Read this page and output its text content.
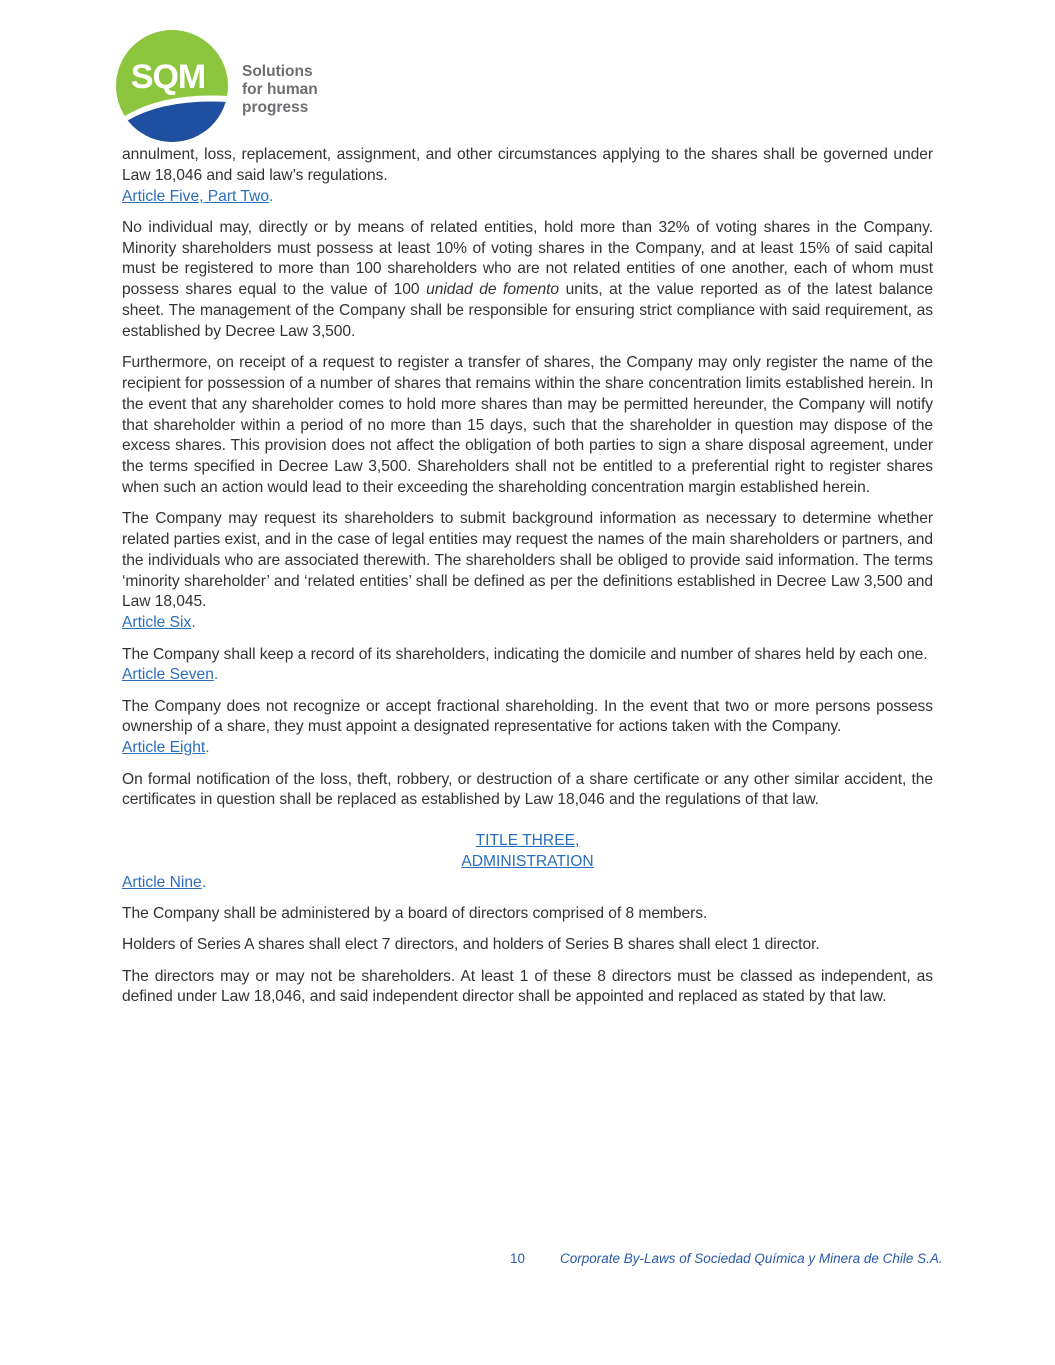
SQM Solutions
for human
progress

annulment, loss, replacement, assignment, and other circumstances applying to the shares shall be governed under Law 18,046 and said law’s regulations.

Article Five, Part Two.

No individual may, directly or by means of related entities, hold more than 32% of voting shares in the Company. Minority shareholders must possess at least 10% of voting shares in the Company, and at least 15% of said capital must be registered to more than 100 shareholders who are not related entities of one another, each of whom must possess shares equal to the value of 100 unidad de fomento units, at the value reported as of the latest balance sheet. The management of the Company shall be responsible for ensuring strict compliance with said requirement, as established by Decree Law 3,500.

Furthermore, on receipt of a request to register a transfer of shares, the Company may only register the name of the recipient for possession of a number of shares that remains within the share concentration limits established herein. In the event that any shareholder comes to hold more shares than may be permitted hereunder, the Company will notify that shareholder within a period of no more than 15 days, such that the shareholder in question may dispose of the excess shares. This provision does not affect the obligation of both parties to sign a share disposal agreement, under the terms specified in Decree Law 3,500. Shareholders shall not be entitled to a preferential right to register shares when such an action would lead to their exceeding the shareholding concentration margin established herein.

The Company may request its shareholders to submit background information as necessary to determine whether related parties exist, and in the case of legal entities may request the names of the main shareholders or partners, and the individuals who are associated therewith. The shareholders shall be obliged to provide said information. The terms ‘minority shareholder’ and ‘related entities’ shall be defined as per the definitions established in Decree Law 3,500 and Law 18,045.

Article Six.

The Company shall keep a record of its shareholders, indicating the domicile and number of shares held by each one.

Article Seven.

The Company does not recognize or accept fractional shareholding. In the event that two or more persons possess ownership of a share, they must appoint a designated representative for actions taken with the Company.

Article Eight.

On formal notification of the loss, theft, robbery, or destruction of a share certificate or any other similar accident, the certificates in question shall be replaced as established by Law 18,046 and the regulations of that law.

TITLE THREE,
ADMINISTRATION
Article Nine.

The Company shall be administered by a board of directors comprised of 8 members.

Holders of Series A shares shall elect 7 directors, and holders of Series B shares shall elect 1 director.

The directors may or may not be shareholders. At least 1 of these 8 directors must be classed as independent, as defined under Law 18,046, and said independent director shall be appointed and replaced as stated by that law.

10	Corporate By-Laws of Sociedad Química y Minera de Chile S.A.
